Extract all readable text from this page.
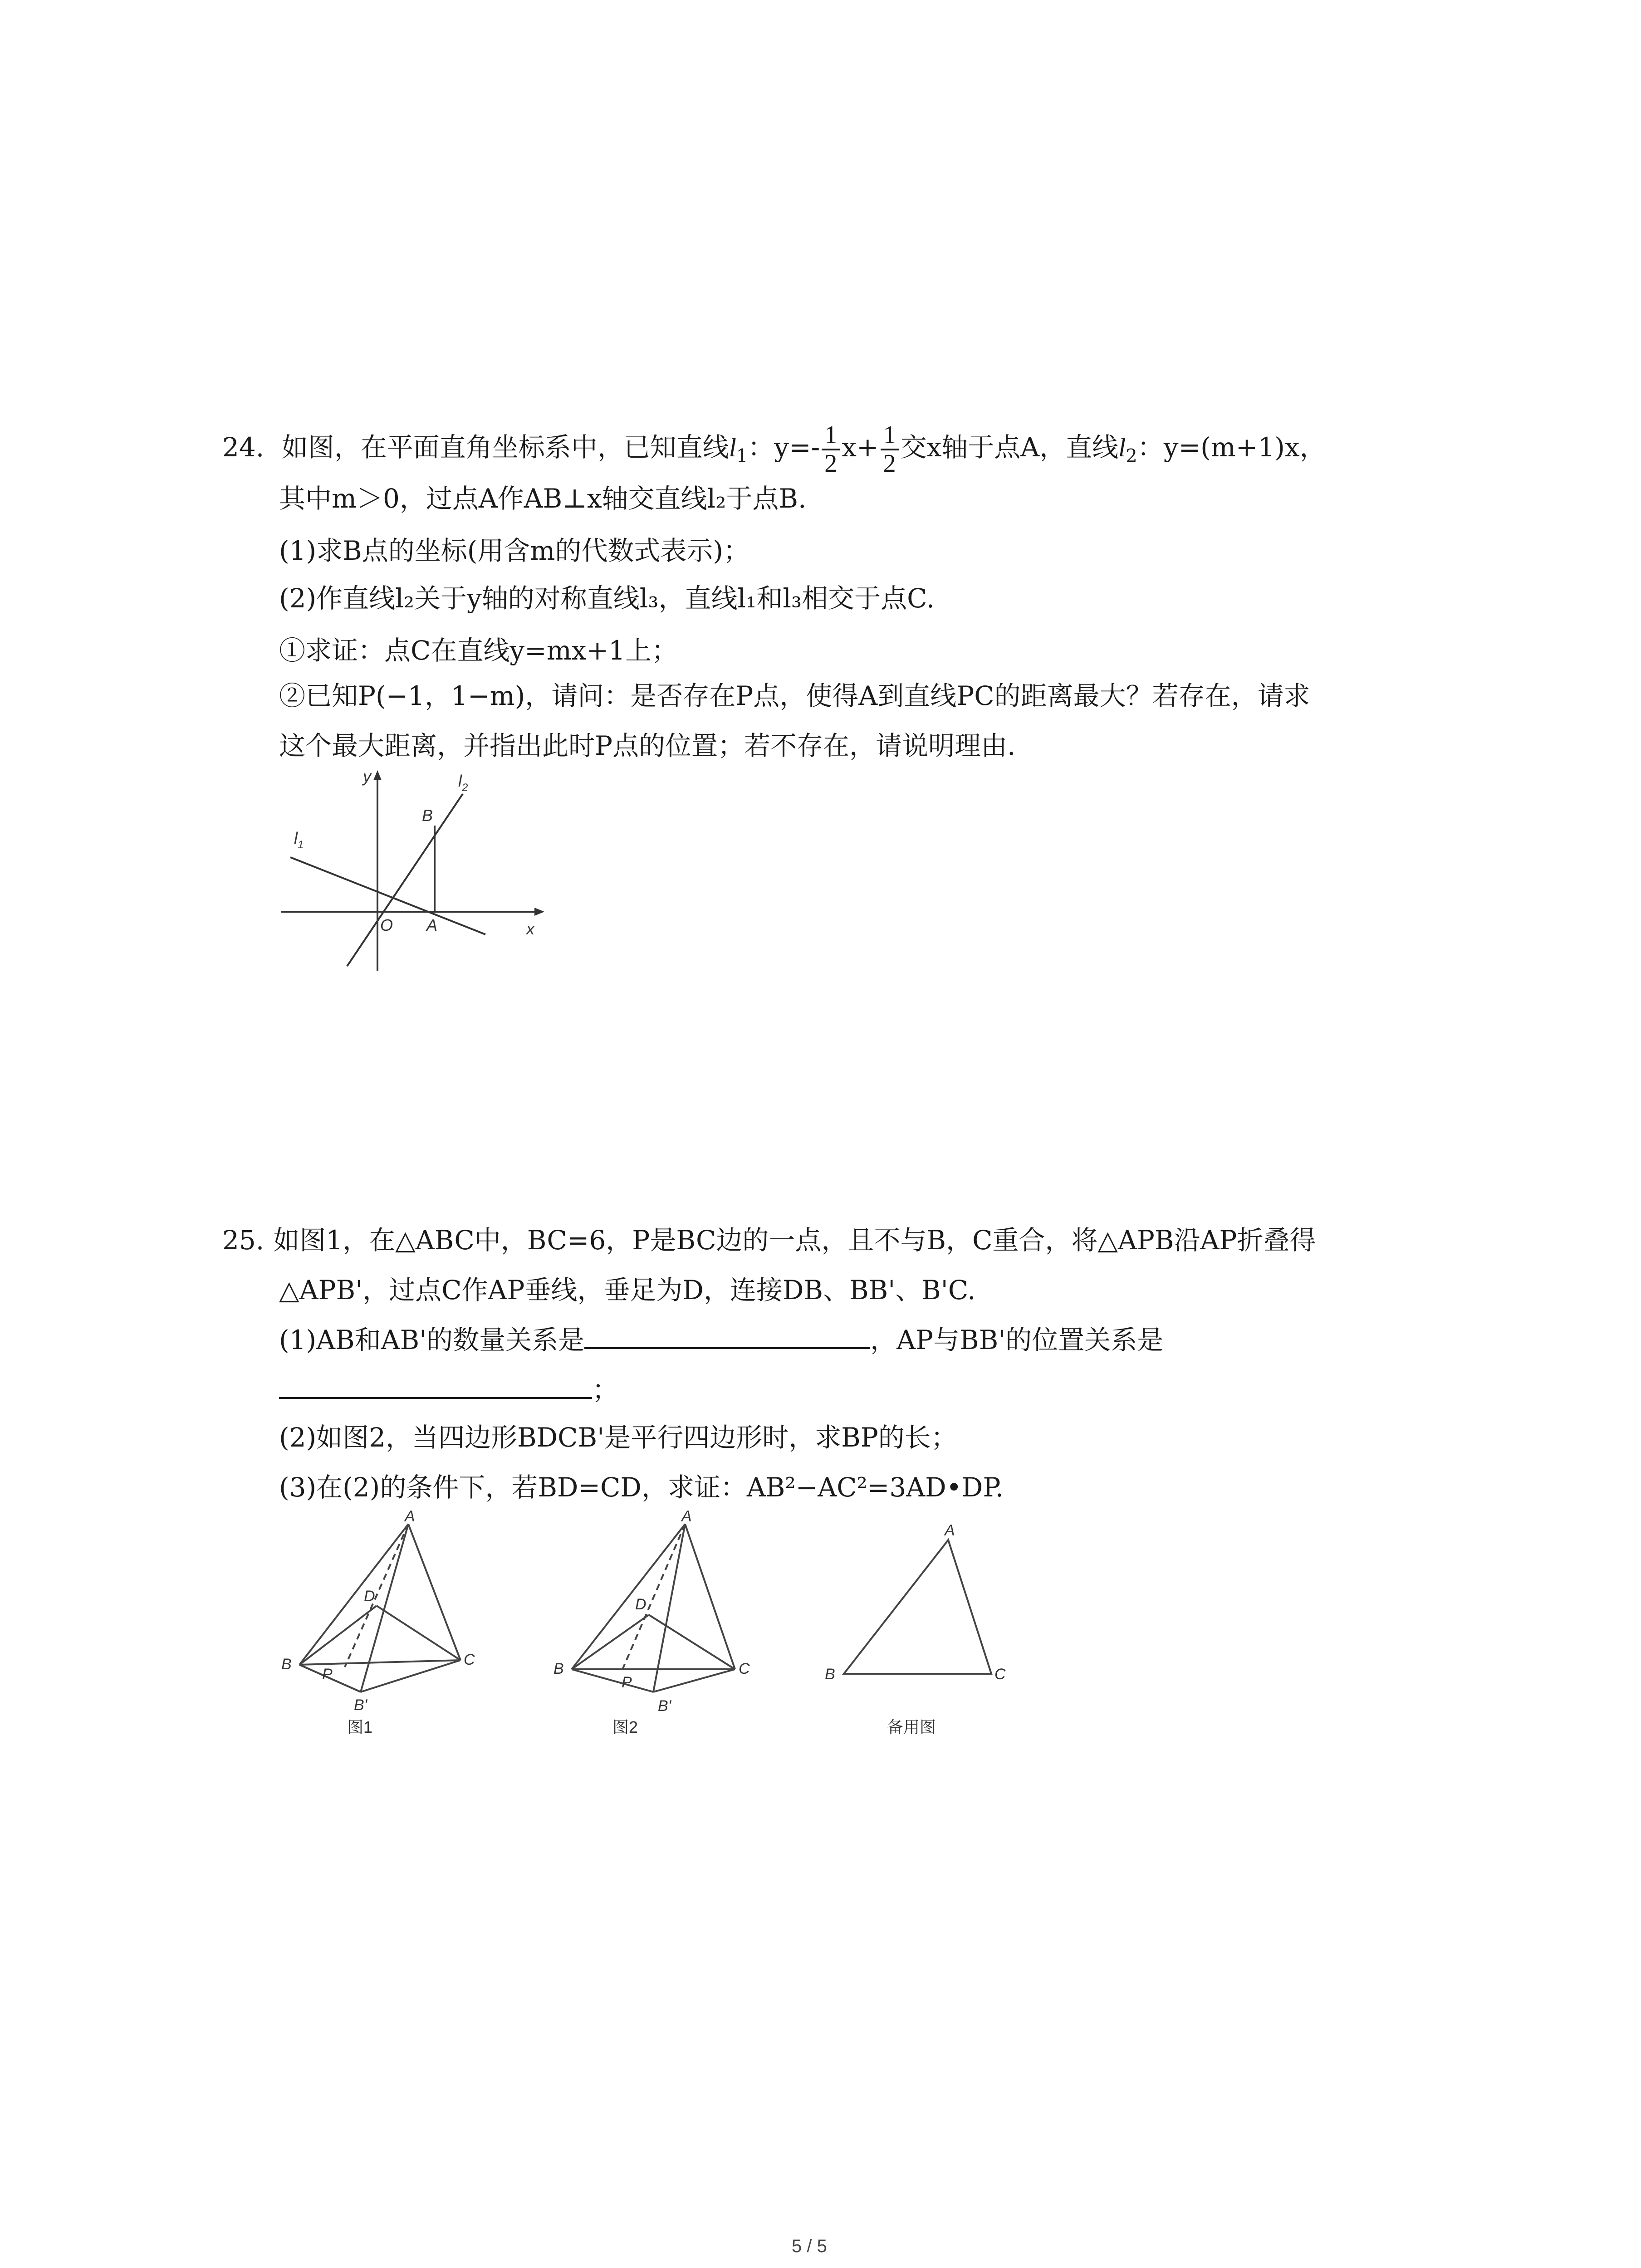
24. 如图，在平面直角坐标系中，已知直线$l_1$：$y=- \frac{1}{2} x+ \frac{1}{2}$ 交x轴于点A，直线$l_2$：y=(m+1)x，
其中m＞0，过点A作AB⊥x轴交直线l₂于点B.
(1)求B点的坐标(用含m的代数式表示)；
(2)作直线l₂关于y轴的对称直线l₃，直线l₁和l₃相交于点C.
①求证：点C在直线y=mx+1上；
②已知P(−1，1−m)，请问：是否存在P点，使得A到直线PC的距离最大？若存在，请求
这个最大距离，并指出此时P点的位置；若不存在，请说明理由.
y
x
O A
B
$l_1$
$l_2$
25. 如图1，在△ABC中，BC=6，P是BC边的一点，且不与B，C重合，将△APB沿AP折叠得
△APB'，过点C作AP垂线，垂足为D，连接DB、BB'、B'C.
(1)AB和AB'的数量关系是	，AP与BB'的位置关系是
；
(2)如图2，当四边形BDCB'是平行四边形时，求BP的长；
(3)在(2)的条件下，若BD=CD，求证：AB²−AC²=3AD•DP.
A
B	C
D
P
B'
图1
A
B	C
D
P
B'
图2
A
B	C
备用图
5 / 5
